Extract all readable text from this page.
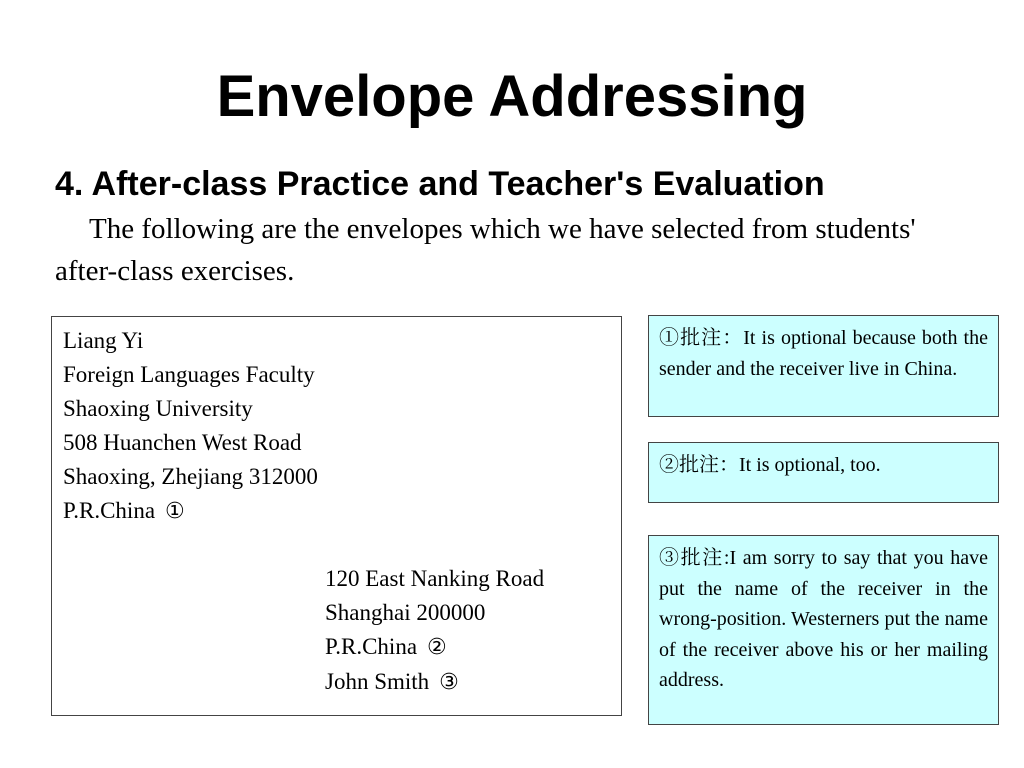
Envelope Addressing
4. After-class Practice and Teacher's Evaluation

The following are the envelopes which we have selected from students' after-class exercises.

Liang Yi
Foreign Languages Faculty
Shaoxing University
508 Huanchen West Road
Shaoxing, Zhejiang 312000
P.R.China ①
120 East Nanking Road
Shanghai 200000
P.R.China ②
John Smith ③
①批注：It is optional because both the sender and the receiver live in China.
②批注：It is optional, too.
③批注:I am sorry to say that you have put the name of the receiver in the wrong-position. Westerners put the name of the receiver above his or her mailing address.
